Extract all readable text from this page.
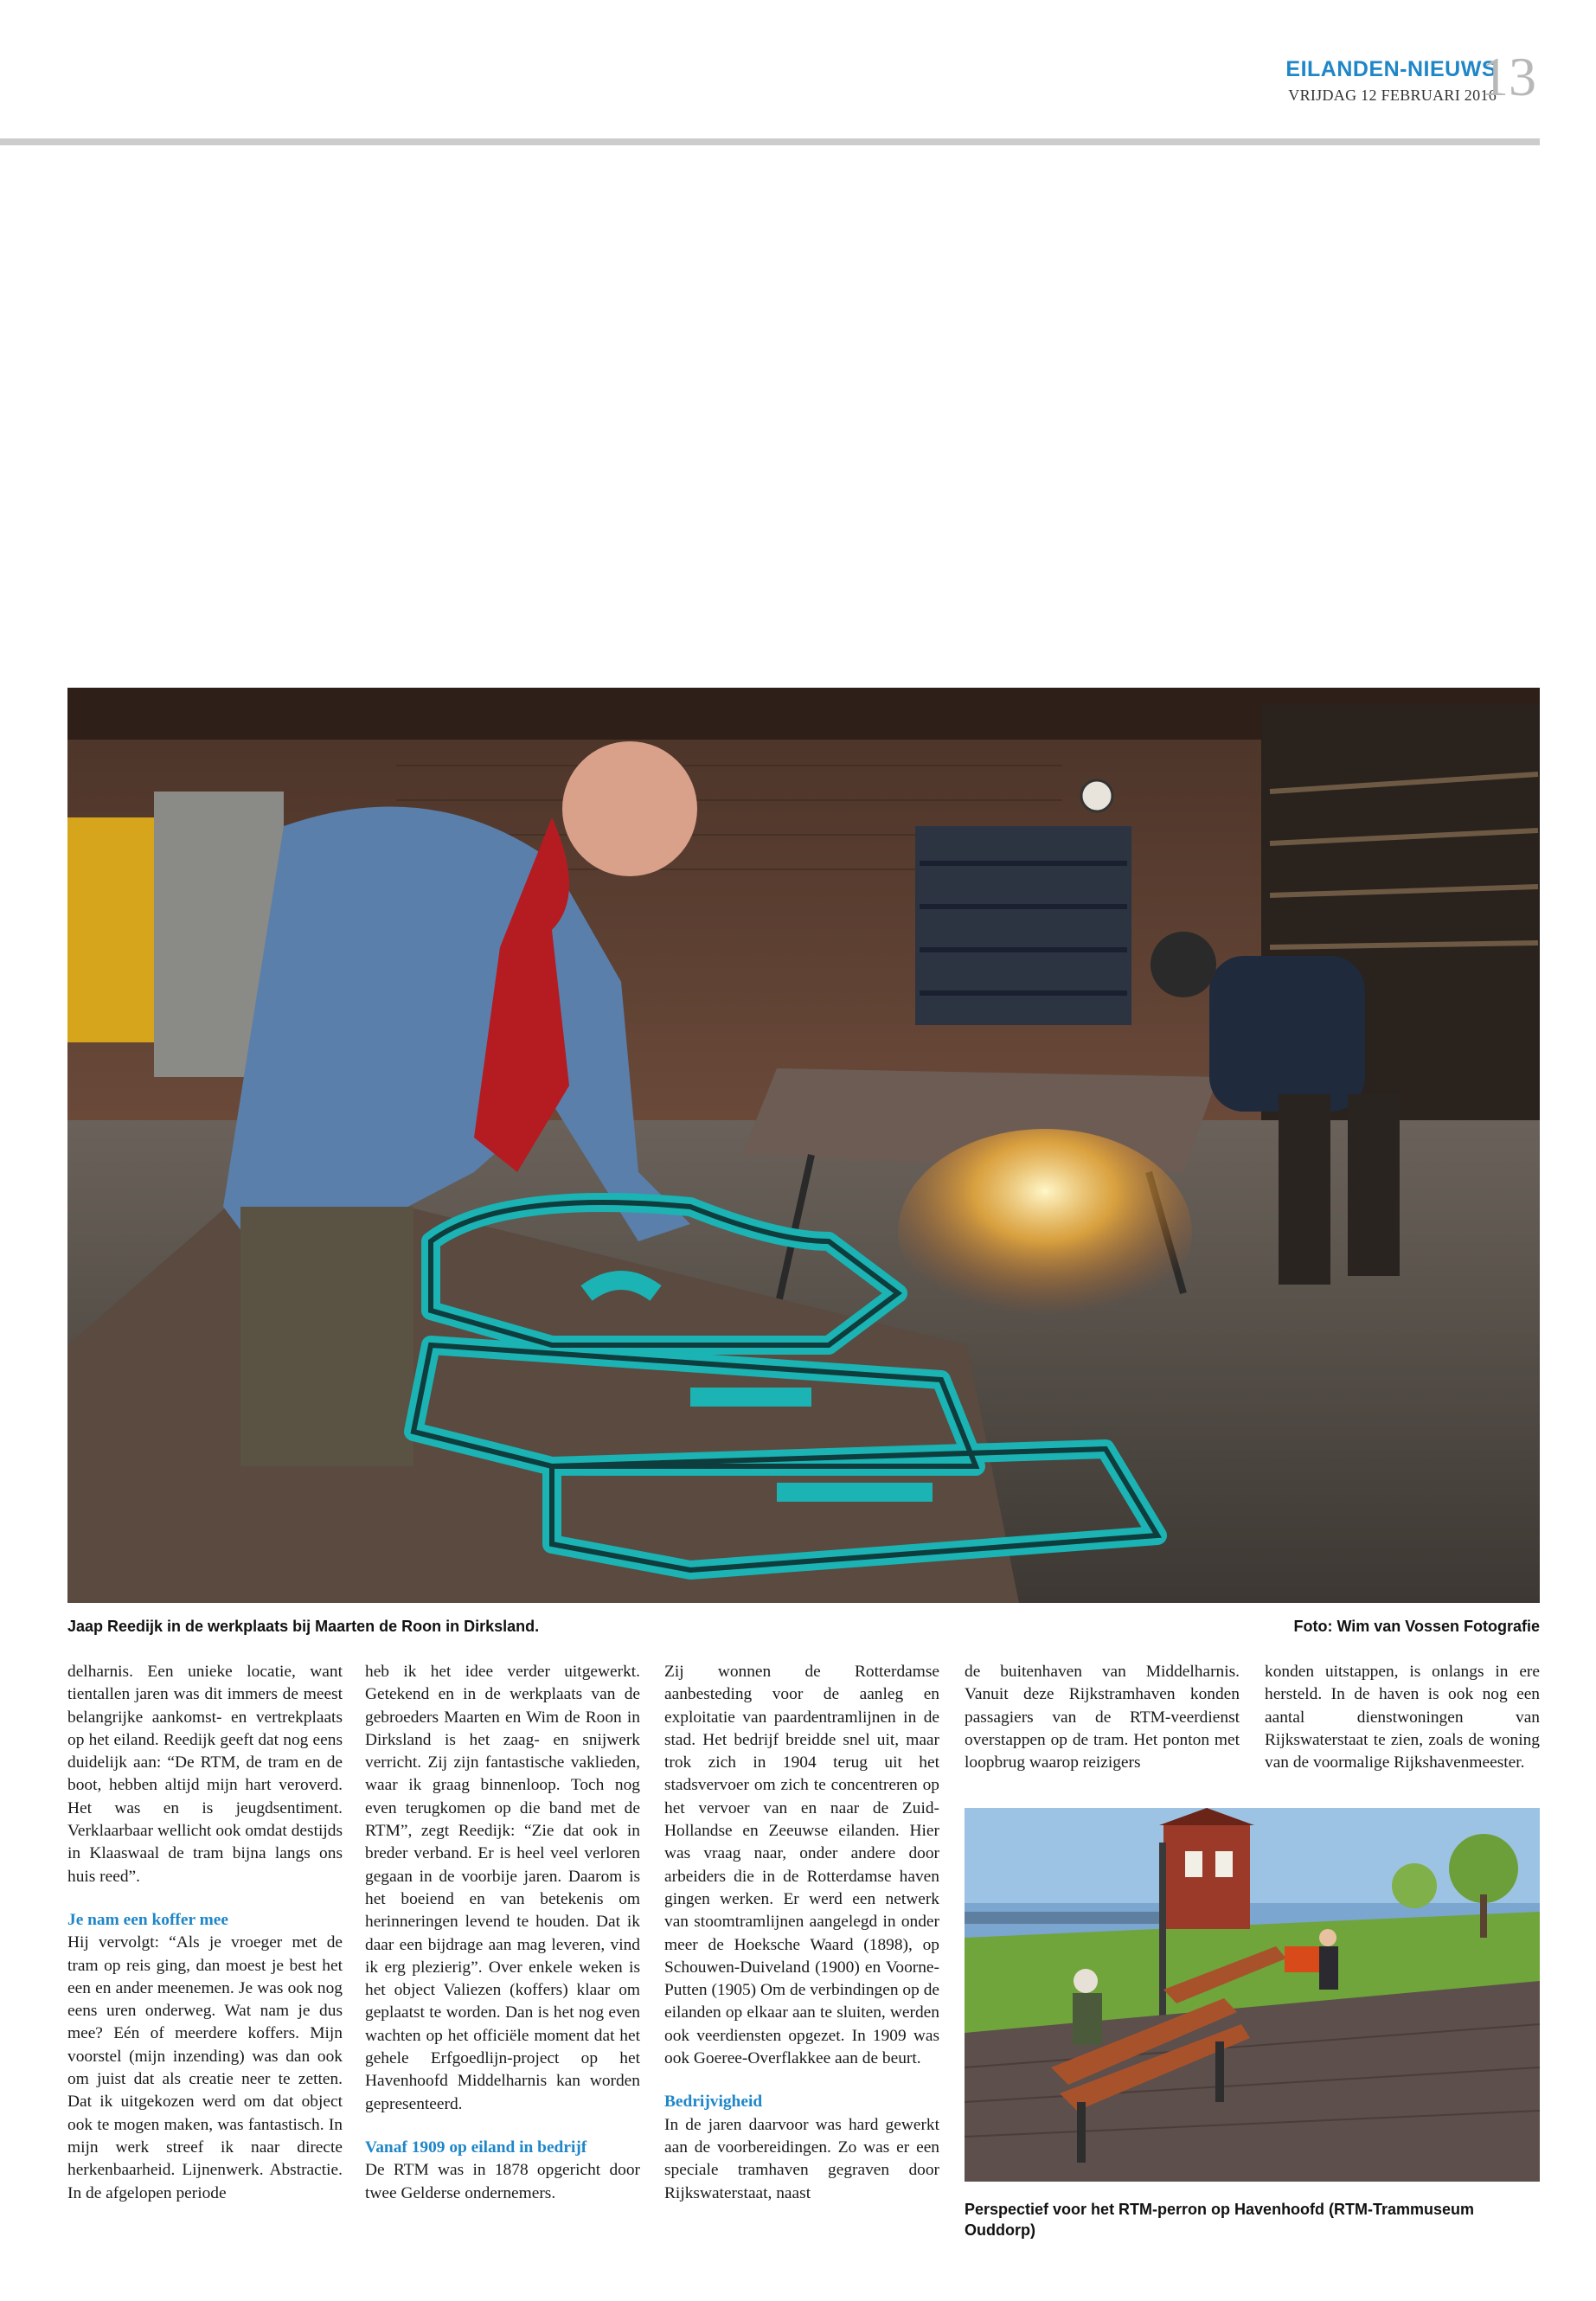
EILANDEN-NIEUWS
VRIJDAG 12 FEBRUARI 2016
13
Jaap Reedijk in de werkplaats bij Maarten de Roon in Dirksland.	Foto: Wim van Vossen Fotografie

delharnis. Een unieke locatie, want tientallen jaren was dit immers de meest belangrijke aankomst- en vertrekplaats op het eiland. Reedijk geeft dat nog eens duidelijk aan: “De RTM, de tram en de boot, hebben altijd mijn hart veroverd. Het was en is jeugdsentiment. Verklaarbaar wellicht ook omdat destijds in Klaaswaal de tram bijna langs ons huis reed”.

Je nam een koffer mee

Hij vervolgt: “Als je vroeger met de tram op reis ging, dan moest je best het een en ander meenemen. Je was ook nog eens uren onderweg. Wat nam je dus mee? Eén of meerdere koffers. Mijn voorstel (mijn inzending) was dan ook om juist dat als creatie neer te zetten. Dat ik uitgekozen werd om dat object ook te mogen maken, was fantastisch. In mijn werk streef ik naar directe herkenbaarheid. Lijnenwerk. Abstractie. In de afgelopen periode

heb ik het idee verder uitgewerkt. Getekend en in de werkplaats van de gebroeders Maarten en Wim de Roon in Dirksland is het zaag- en snijwerk verricht. Zij zijn fantastische vaklieden, waar ik graag binnenloop. Toch nog even terugkomen op die band met de RTM”, zegt Reedijk: “Zie dat ook in breder verband. Er is heel veel verloren gegaan in de voorbije jaren. Daarom is het boeiend en van betekenis om herinneringen levend te houden. Dat ik daar een bijdrage aan mag leveren, vind ik erg plezierig”. Over enkele weken is het object Valiezen (koffers) klaar om geplaatst te worden. Dan is het nog even wachten op het officiële moment dat het gehele Erfgoedlijn-project op het Havenhoofd Middelharnis kan worden gepresenteerd.

Vanaf 1909 op eiland in bedrijf

De RTM was in 1878 opgericht door twee Gelderse ondernemers.

Zij wonnen de Rotterdamse aanbesteding voor de aanleg en exploitatie van paardentramlijnen in de stad. Het bedrijf breidde snel uit, maar trok zich in 1904 terug uit het stadsvervoer om zich te concentreren op het vervoer van en naar de Zuid-Hollandse en Zeeuwse eilanden. Hier was vraag naar, onder andere door arbeiders die in de Rotterdamse haven gingen werken. Er werd een netwerk van stoomtramlijnen aangelegd in onder meer de Hoeksche Waard (1898), op Schouwen-Duiveland (1900) en Voorne-Putten (1905) Om de verbindingen op de eilanden op elkaar aan te sluiten, werden ook veerdiensten opgezet. In 1909 was ook Goeree-Overflakkee aan de beurt.

Bedrijvigheid

In de jaren daarvoor was hard gewerkt aan de voorbereidingen. Zo was er een speciale tramhaven gegraven door Rijkswaterstaat, naast

de buitenhaven van Middelharnis. Vanuit deze Rijkstramhaven konden passagiers van de RTM-veerdienst overstappen op de tram. Het ponton met loopbrug waarop reizigers

konden uitstappen, is onlangs in ere hersteld. In de haven is ook nog een aantal dienstwoningen van Rijkswaterstaat te zien, zoals de woning van de voormalige Rijkshavenmeester.

Perspectief voor het RTM-perron op Havenhoofd (RTM-Trammuseum Ouddorp)
